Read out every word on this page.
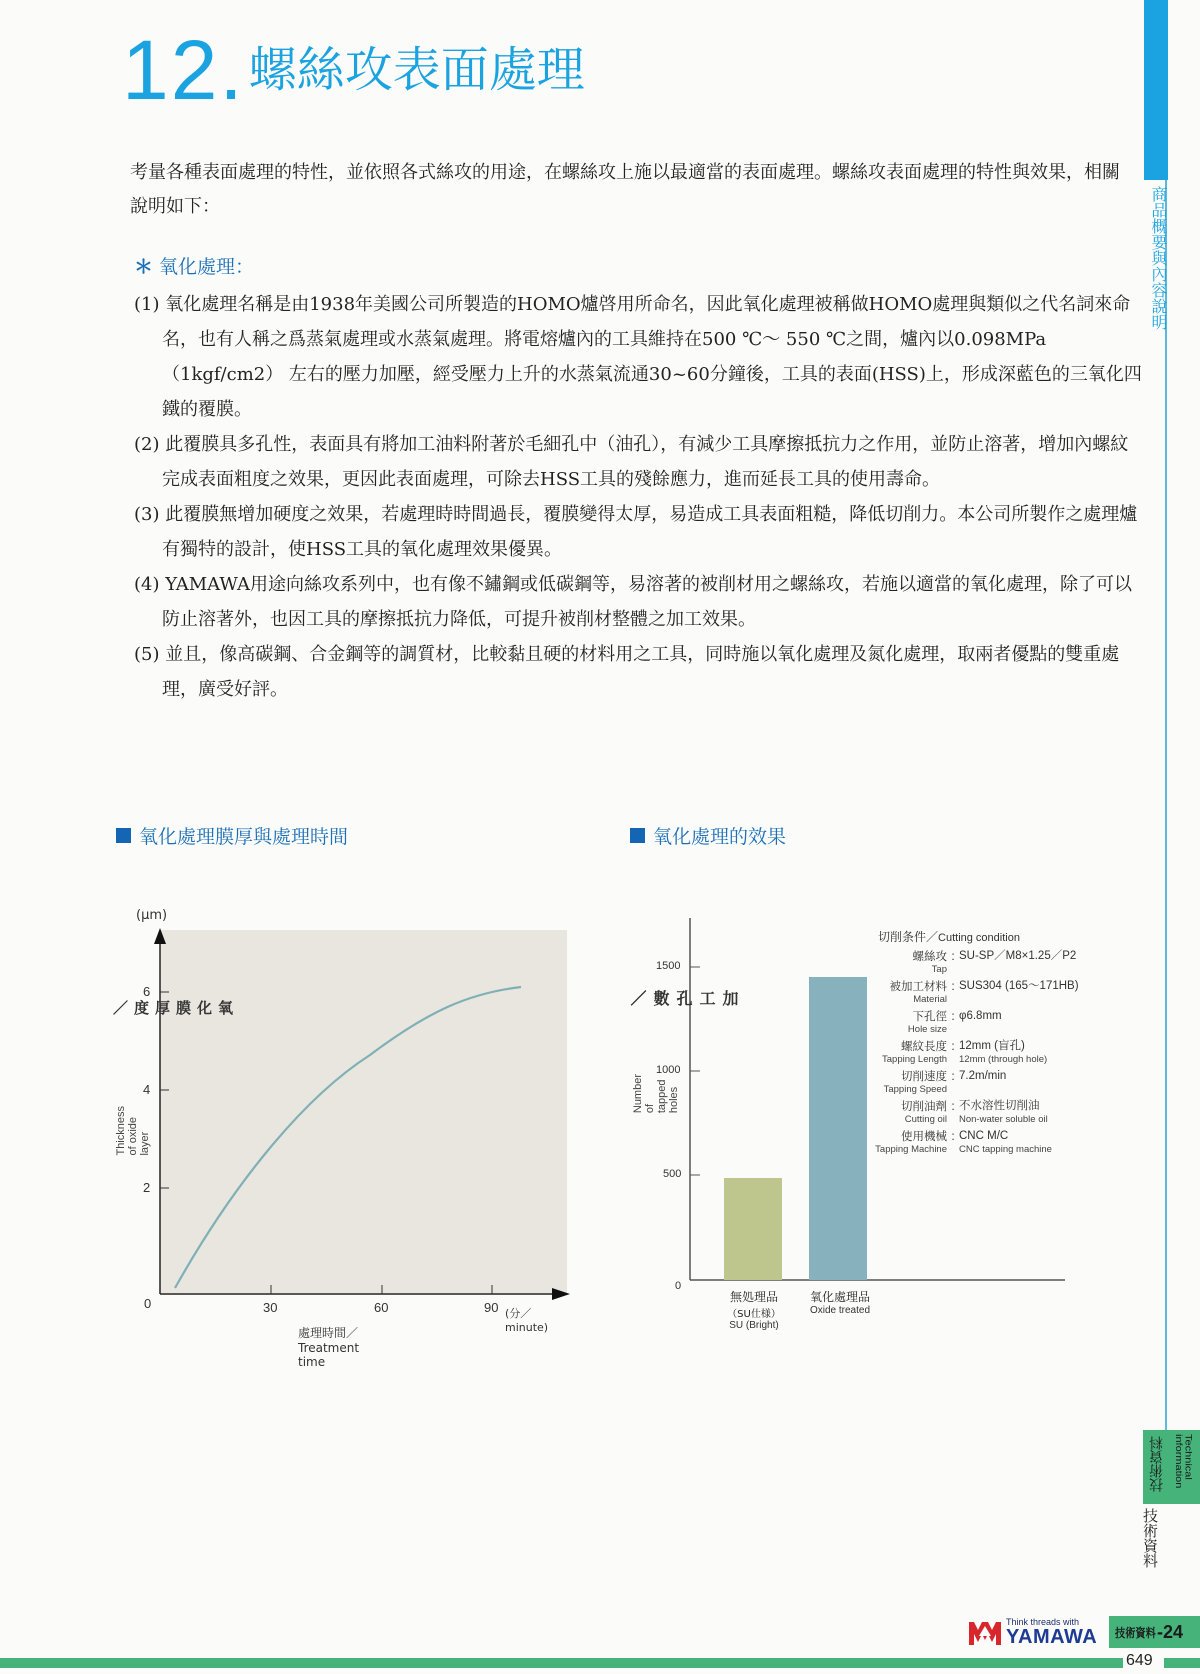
12. 螺絲攻表面處理
商品概要與內容說明
技術資料	Technical information
技術資料
考量各種表面處理的特性，並依照各式絲攻的用途，在螺絲攻上施以最適當的表面處理。螺絲攻表面處理的特性與效果，相關說明如下：
＊ 氧化處理：
(1) 氧化處理名稱是由1938年美國公司所製造的HOMO爐啓用所命名，因此氧化處理被稱做HOMO處理與類似之代名詞來命名，也有人稱之爲蒸氣處理或水蒸氣處理。將電熔爐內的工具維持在500 ℃～ 550 ℃之間，爐內以0.098MPa（1kgf/cm2） 左右的壓力加壓，經受壓力上升的水蒸氣流通30~60分鐘後，工具的表面(HSS)上，形成深藍色的三氧化四鐵的覆膜。
(2) 此覆膜具多孔性，表面具有將加工油料附著於毛細孔中（油孔），有減少工具摩擦抵抗力之作用，並防止溶著，增加內螺紋完成表面粗度之效果，更因此表面處理，可除去HSS工具的殘餘應力，進而延長工具的使用壽命。
(3) 此覆膜無增加硬度之效果，若處理時時間過長，覆膜變得太厚，易造成工具表面粗糙，降低切削力。本公司所製作之處理爐有獨特的設計，使HSS工具的氧化處理效果優異。
(4) YAMAWA用途向絲攻系列中，也有像不鏽鋼或低碳鋼等，易溶著的被削材用之螺絲攻，若施以適當的氧化處理，除了可以防止溶著外，也因工具的摩擦抵抗力降低，可提升被削材整體之加工效果。
(5) 並且，像高碳鋼、合金鋼等的調質材，比較黏且硬的材料用之工具，同時施以氧化處理及氮化處理，取兩者優點的雙重處理，廣受好評。
氧化處理膜厚與處理時間	氧化處理的效果
(μm)
0
2
4
6
30	60	90 (分／minute)
處理時間／Treatment time
氧化膜厚度／
Thickness of oxide layer
1500
1000
500
0
加工孔數／
Number of tapped holes
無処理品
（SU仕様）
SU (Bright)
氧化處理品
Oxide treated
切削条件／Cutting condition
螺絲攻
Tap
: SU-SP／M8×1.25／P2
被加工材料
Material
: SUS304 (165～171HB)
下孔徑
Hole size
: φ6.8mm
螺紋長度
Tapping Length
: 12mm (盲孔)
12mm (through hole)
切削速度
Tapping Speed
: 7.2m/min
切削油劑
Cutting oil
: 不水溶性切削油
Non-water soluble oil
使用機械
Tapping Machine
: CNC M/C
CNC tapping machine
Think threads with
YAMAWA 技術資料 -24
649
